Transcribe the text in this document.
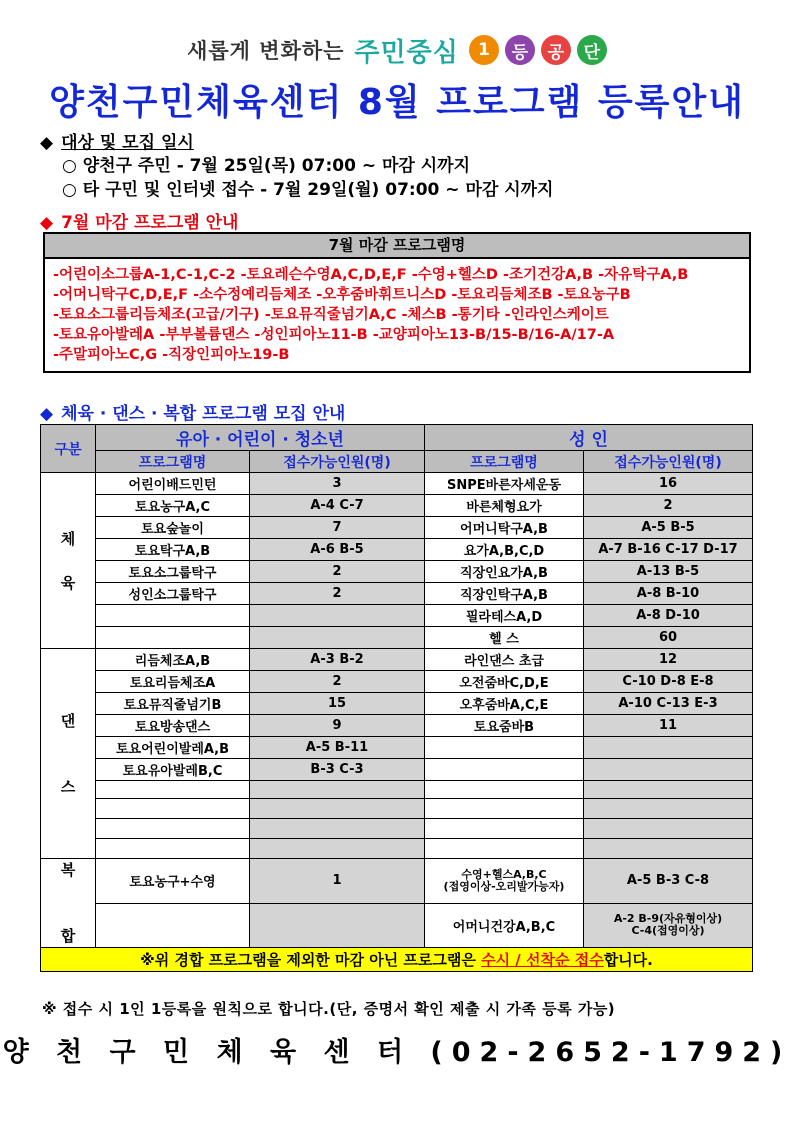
새롭게 변화하는 주민중심	1	등	공	단
양천구민체육센터 8월 프로그램 등록안내
◆ 대상 및 모집 일시
○ 양천구 주민 - 7월 25일(목) 07:00 ~ 마감 시까지
○ 타 구민 및 인터넷 접수 - 7월 29일(월) 07:00 ~ 마감 시까지
◆ 7월 마감 프로그램 안내
7월 마감 프로그램명
-어린이소그룹A-1,C-1,C-2 -토요레슨수영A,C,D,E,F -수영+헬스D -조기건강A,B -자유탁구A,B
-어머니탁구C,D,E,F -소수정예리듬체조 -오후줌바휘트니스D -토요리듬체조B -토요농구B
-토요소그룹리듬체조(고급/기구) -토요뮤직줄넘기A,C -체스B -통기타 -인라인스케이트
-토요유아발레A -부부볼륨댄스 -성인피아노11-B -교양피아노13-B/15-B/16-A/17-A
-주말피아노C,G -직장인피아노19-B
◆ 체육 · 댄스 · 복합 프로그램 모집 안내
구분	유아 · 어린이 · 청소년		성 인	
	프로그램명	접수가능인원(명)	프로그램명	접수가능인원(명)
체

육	어린이배드민턴	3	SNPE바른자세운동	16
	토요농구A,C	A-4 C-7	바른체형요가	2
	토요숲놀이	7	어머니탁구A,B	A-5 B-5
	토요탁구A,B	A-6 B-5	요가A,B,C,D	A-7 B-16 C-17 D-17
	토요소그룹탁구	2	직장인요가A,B	A-13 B-5
	성인소그룹탁구	2	직장인탁구A,B	A-8 B-10
			필라테스A,D	A-8 D-10
			헬 스	60
댄

스	리듬체조A,B	A-3 B-2	라인댄스 초급	12
	토요리듬체조A	2	오전줌바C,D,E	C-10 D-8 E-8
	토요뮤직줄넘기B	15	오후줌바A,C,E	A-10 C-13 E-3
	토요방송댄스	9	토요줌바B	11
	토요어린이발레A,B	A-5 B-11		
	토요유아발레B,C	B-3 C-3		

복

합	토요농구+수영	1	수영+헬스A,B,C
(접영이상-오리발가능자)	A-5 B-3 C-8
			어머니건강A,B,C	A-2 B-9(자유형이상)
C-4(접영이상)
※위 경합 프로그램을 제외한 마감 아닌 프로그램은 수시 / 선착순 접수합니다.				
※ 접수 시 1인 1등록을 원칙으로 합니다.(단, 증명서 확인 제출 시 가족 등록 가능)
양 천 구 민 체 육 센 터 (02-2652-1792)
